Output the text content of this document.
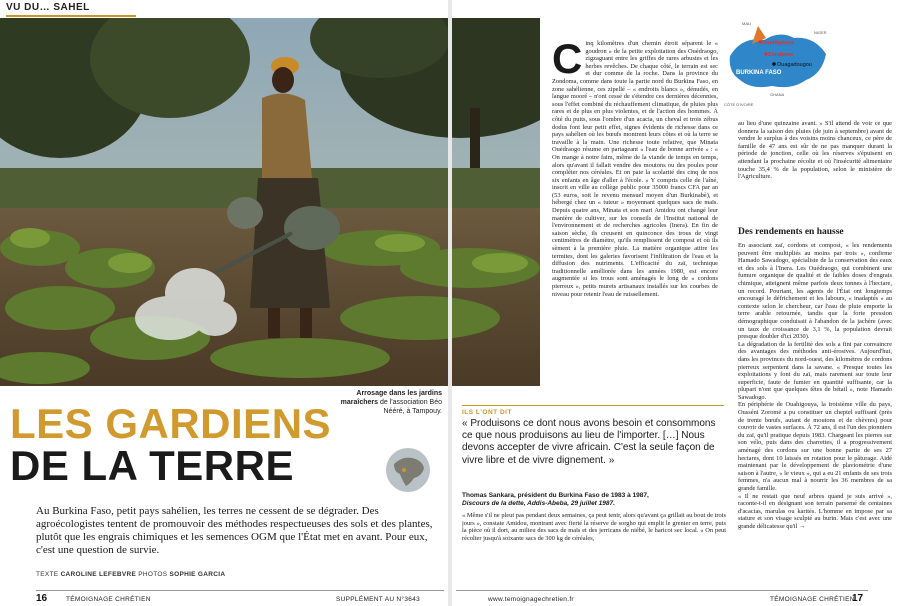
VU DU… SAHEL
Arrosage dans les jardins maraîchers de l'association Béo Nééré, à Tampouy.
LES GARDIENS
DE LA TERRE
Au Burkina Faso, petit pays sahélien, les terres ne cessent de se dégrader. Des agroécologistes tentent de promouvoir des méthodes respectueuses des sols et des plantes, plutôt que les engrais chimiques et les semences OGM que l'État met en avant. Pour eux, c'est une question de survie.
TEXTE CAROLINE LEFEBVRE PHOTOS SOPHIE GARCIA
16	TÉMOIGNAGE CHRÉTIEN	SUPPLÉMENT AU N°3643
C inq kilomètres d'un chemin étroit séparent le « goudron » de la petite exploitation des Ouédraogo, zigzaguant entre les griffes de rares arbustes et les herbes revêches. De chaque côté, le terrain est sec et dur comme de la roche. Dans la province du Zondoma, comme dans toute la partie nord du Burkina Faso, en zone sahélienne, ces zipellé – « endroits blancs », dénudés, en langue mooré – n'ont cessé de s'étendre ces dernières décennies, sous l'effet combiné du réchauffement climatique, de pluies plus rares et de plus en plus violentes, et de l'action des hommes. À côté du puits, sous l'ombre d'un acacia, un cheval et trois zébus dodus font leur petit effet, signes évidents de richesse dans ce pays sahélien où les bœufs montrent leurs côtes et où la terre se travaille à la main. Une richesse toute relative, que Minata Ouédraogo résume en partageant « l'eau de bonne arrivée » : « On mange à notre faim, même de la viande de temps en temps, alors qu'avant il fallait vendre des moutons ou des poules pour compléter nos céréales. Et on paie la scolarité des cinq de nos six enfants en âge d'aller à l'école. » Y compris celle de l'aîné, inscrit en ville au collège public pour 35000 francs CFA par an (53 euros, soit le revenu mensuel moyen d'un Burkinabè), et hébergé chez un « tuteur » moyennant quelques sacs de maïs. Depuis quatre ans, Minata et son mari Amidou ont changé leur manière de cultiver, sur les conseils de l'Institut national de l'environnement et de recherches agricoles (Inera). En fin de saison sèche, ils creusent en quinconce des trous de vingt centimètres de diamètre, qu'ils remplissent de compost et où ils sèment à la première pluie. La matière organique attire les termites, dont les galeries favorisent l'infiltration de l'eau et la diffusion des nutriments. L'efficacité du zaï, technique traditionnelle améliorée dans les années 1980, est encore augmentée si les trous sont aménagés le long de « cordons pierreux », petits murets artisanaux installés sur les courbes de niveau pour retenir l'eau de ruissellement.

Ouahigouya
Zondoma
Ouagadougou
BURKINA FASO
MALI
NIGER
GHANA
CÔTE D'IVOIRE

au lieu d'une quinzaine avant. » S'il attend de voir ce que donnera la saison des pluies (de juin à septembre) avant de vendre le surplus à des voisins moins chanceux, ce père de famille de 47 ans est sûr de ne pas manquer durant la période de jonction, celle où les réserves s'épuisent en attendant la prochaine récolte et où l'insécurité alimentaire touche 35,4 % de la population, selon le ministère de l'Agriculture.

Des rendements en hausse

En associant zaï, cordons et compost, « les rendements peuvent être multipliés au moins par trois », confirme Hamado Sawadogo, spécialiste de la conservation des eaux et des sols à l'Inera. Les Ouédraogo, qui combinent une fumure organique de qualité et de faibles doses d'engrais chimique, atteignent même parfois deux tonnes à l'hectare, un record. Pourtant, les agents de l'État ont longtemps encouragé le défrichement et les labours, « inadaptés » au contexte selon le chercheur, car l'eau de pluie emporte la terre arable retournée, tandis que la forte pression démographique conduisait à l'abandon de la jachère (avec un taux de croissance de 3,1 %, la population devrait presque doubler d'ici 2030).

La dégradation de la fertilité des sols a fini par convaincre des avantages des méthodes anti-érosives. Aujourd'hui, dans les provinces du nord-ouest, des kilomètres de cordons pierreux serpentent dans la savane. « Presque toutes les exploitations y font du zaï, mais rarement sur toute leur superficie, faute de fumier en quantité suffisante, car la plupart n'ont que quelques têtes de bétail », note Hamado Sawadogo.

En périphérie de Ouahigouya, la troisième ville du pays, Ousséni Zoromé a pu constituer un cheptel suffisant (près de trente bœufs, autant de moutons et de chèvres) pour couvrir de vastes surfaces. À 72 ans, il est l'un des pionniers du zaï, qu'il pratique depuis 1983. Chargeant les pierres sur son vélo, puis dans des charrettes, il a progressivement aménagé des cordons sur une bonne partie de ses 27 hectares, dont 10 laissés en rotation pour le pâturage. Aidé maintenant par le développement de plaviométrie d'une saison à l'autre, « le vieux », qui a eu 21 enfants de ses trois femmes, n'a aucun mal à nourrir les 36 membres de sa grande famille.

« Il ne restait que neuf arbres quand je suis arrivé », raconte-t-il en désignant son terrain parsemé de centaines d'acacias, marulas ou karités. L'homme en impose par sa stature et son visage sculpté au burin. Mais c'est avec une grande délicatesse qu'il →

ILS L'ONT DIT
« Produisons ce dont nous avons besoin et consommons ce que nous produisons au lieu de l'importer. […] Nous devons accepter de vivre africain. C'est la seule façon de vivre libre et de vivre dignement. »
Thomas Sankara, président du Burkina Faso de 1983 à 1987,
Discours de la dette, Addis-Abeba, 29 juillet 1987.

« Même s'il ne pleut pas pendant deux semaines, ça peut tenir, alors qu'avant ça grillait au bout de trois jours », constate Amidou, montrant avec fierté la réserve de sorgho qui emplit le grenier en terre, puis la pièce où il dort, au milieu des sacs de maïs et des jerricans de niébé, le haricot sec local. « On peut récolter jusqu'à soixante sacs de 300 kg de céréales,

www.temoignagechretien.fr	TÉMOIGNAGE CHRÉTIEN
17
